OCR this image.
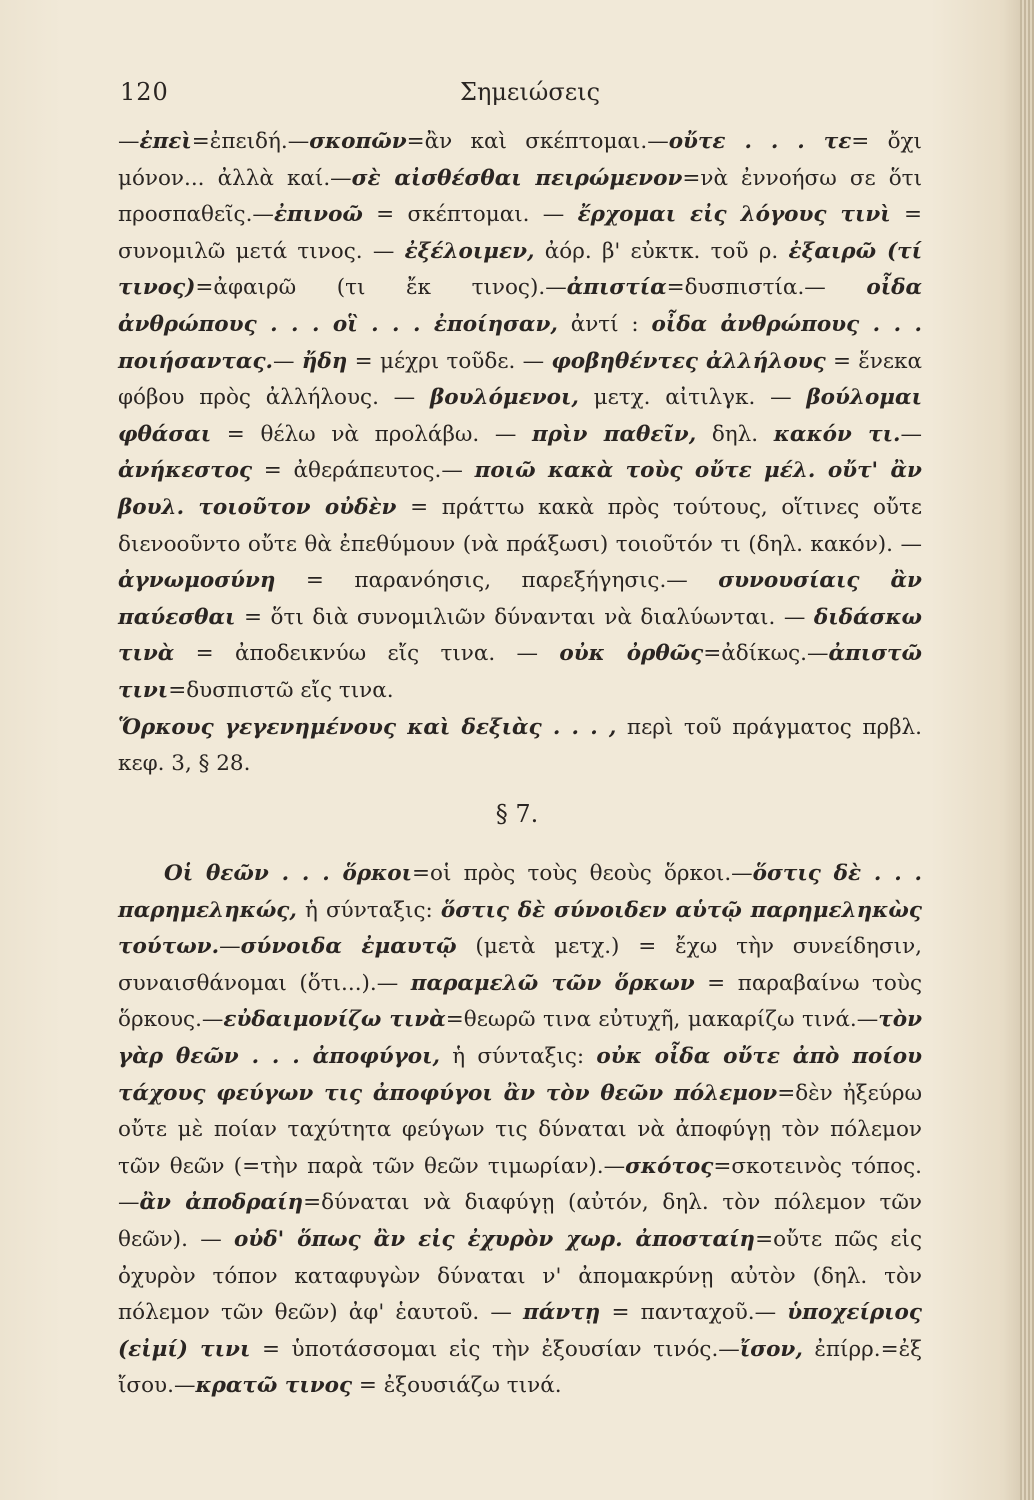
120	Σημειώσεις
—ἐπεὶ=ἐπειδή.—σκοπῶν=ἂν καὶ σκέπτομαι.—οὔτε . . . τε= ὄχι μόνον... ἀλλὰ καί.—σὲ αἰσθέσθαι πειρώμενον=νὰ ἐννοήσω σε ὅτι προσπαθεῖς.—ἐπινοῶ = σκέπτομαι. — ἔρχομαι εἰς λόγους τινὶ = συνομιλῶ μετά τινος. — ἐξέλοιμεν, ἀόρ. β' εὐκτκ. τοῦ ρ. ἐξαιρῶ (τί τινος)=ἀφαιρῶ (τι ἔκ τινος).—ἀπιστία=δυσπιστία.— οἶδα ἀνθρώπους . . . οἳ . . . ἐποίησαν, ἀντί : οἶδα ἀνθρώπους . . . ποιήσαντας.— ἤδη = μέχρι τοῦδε. — φοβηθέντες ἀλλήλους = ἕνεκα φόβου πρὸς ἀλλήλους. — βουλόμενοι, μετχ. αἰτιλγκ. — βούλομαι φθάσαι = θέλω νὰ προλάβω. — πρὶν παθεῖν, δηλ. κακόν τι.— ἀνήκεστος = ἀθεράπευτος.— ποιῶ κακὰ τοὺς οὔτε μέλ. οὔτ' ἂν βουλ. τοιοῦτον οὐδὲν = πράττω κακὰ πρὸς τούτους, οἵτινες οὔτε διενοοῦντο οὔτε θὰ ἐπεθύμουν (νὰ πράξωσι) τοιοῦτόν τι (δηλ. κακόν). — ἀγνωμοσύνη = παρανόησις, παρεξήγησις.— συνουσίαις ἂν παύεσθαι = ὅτι διὰ συνομιλιῶν δύνανται νὰ διαλύωνται. — διδάσκω τινὰ = ἀποδεικνύω εἴς τινα. — οὐκ ὀρθῶς=ἀδίκως.—ἀπιστῶ τινι=δυσπιστῶ εἴς τινα.
Ὅρκους γεγενημένους καὶ δεξιὰς . . . , περὶ τοῦ πράγματος πρβλ. κεφ. 3, § 28.
§ 7.
Οἱ θεῶν . . . ὅρκοι=οἱ πρὸς τοὺς θεοὺς ὅρκοι.—ὅστις δὲ . . . παρημεληκώς, ἡ σύνταξις: ὅστις δὲ σύνοιδεν αὑτῷ παρημεληκὼς τούτων.—σύνοιδα ἐμαυτῷ (μετὰ μετχ.) = ἔχω τὴν συνείδησιν, συναισθάνομαι (ὅτι...).— παραμελῶ τῶν ὅρκων = παραβαίνω τοὺς ὅρκους.—εὐδαιμονίζω τινὰ=θεωρῶ τινα εὐτυχῆ, μακαρίζω τινά.—τὸν γὰρ θεῶν . . . ἀποφύγοι, ἡ σύνταξις: οὐκ οἶδα οὔτε ἀπὸ ποίου τάχους φεύγων τις ἀποφύγοι ἂν τὸν θεῶν πόλεμον=δὲν ἠξεύρω οὔτε μὲ ποίαν ταχύτητα φεύγων τις δύναται νὰ ἀποφύγῃ τὸν πόλεμον τῶν θεῶν (=τὴν παρὰ τῶν θεῶν τιμωρίαν).—σκότος=σκοτεινὸς τόπος.—ἂν ἀποδραίη=δύναται νὰ διαφύγῃ (αὐτόν, δηλ. τὸν πόλεμον τῶν θεῶν). — οὐδ' ὅπως ἂν εἰς ἐχυρὸν χωρ. ἀποσταίη=οὔτε πῶς εἰς ὀχυρὸν τόπον καταφυγὼν δύναται ν' ἀπομακρύνῃ αὐτὸν (δηλ. τὸν πόλεμον τῶν θεῶν) ἀφ' ἑαυτοῦ. — πάντῃ = πανταχοῦ.— ὑποχείριος (εἰμί) τινι = ὑποτάσσομαι εἰς τὴν ἐξουσίαν τινός.—ἴσον, ἐπίρρ.=ἐξ ἴσου.—κρατῶ τινος = ἐξουσιάζω τινά.
